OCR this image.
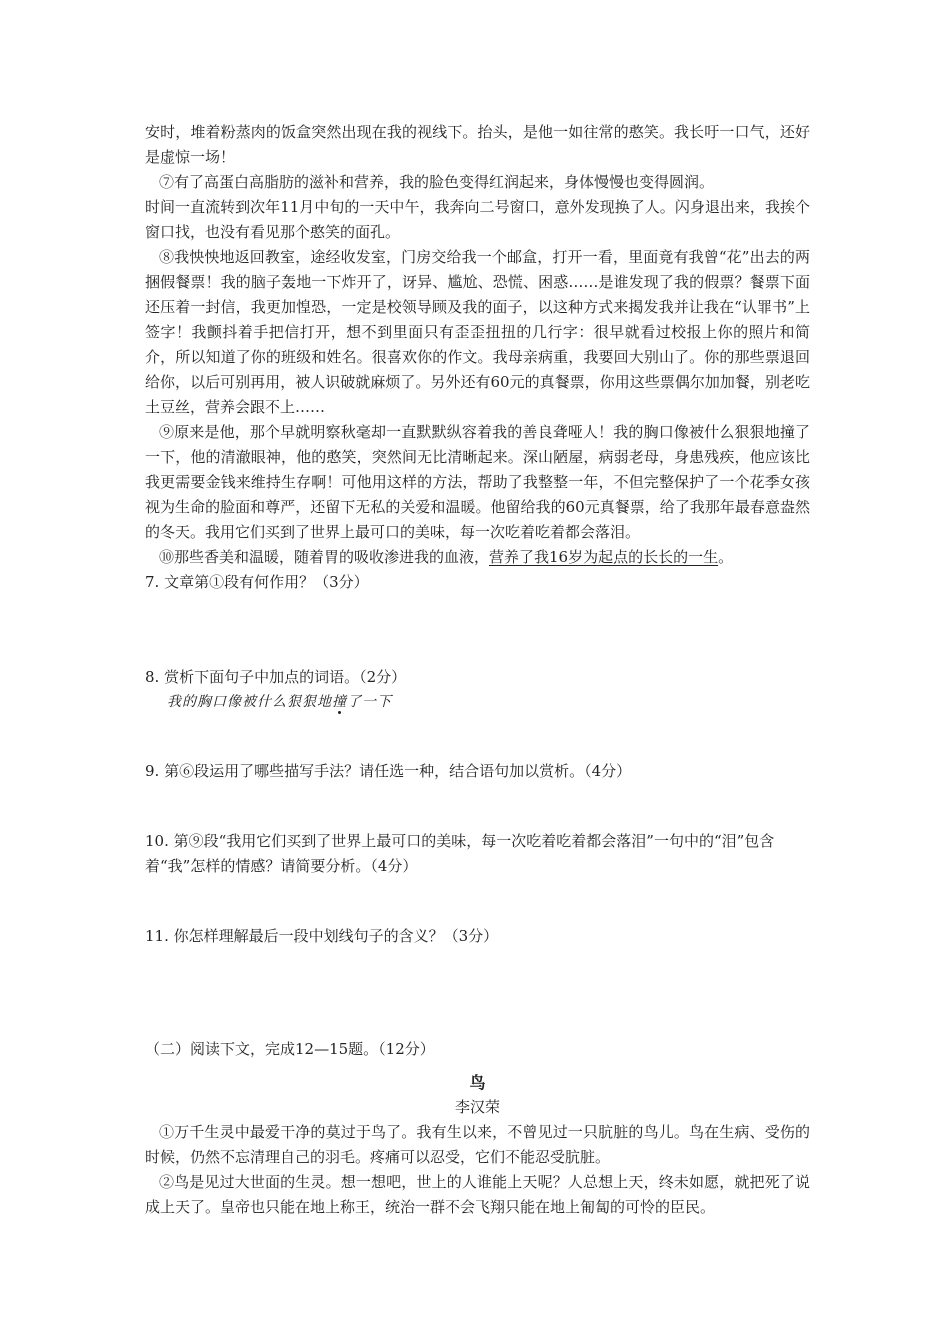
安时，堆着粉蒸肉的饭盒突然出现在我的视线下。抬头，是他一如往常的憨笑。我长吁一口气，还好是虚惊一场！

⑦有了高蛋白高脂肪的滋补和营养，我的脸色变得红润起来，身体慢慢也变得圆润。

时间一直流转到次年11月中旬的一天中午，我奔向二号窗口，意外发现换了人。闪身退出来，我挨个窗口找，也没有看见那个憨笑的面孔。

⑧我怏怏地返回教室，途经收发室，门房交给我一个邮盒，打开一看，里面竟有我曾“花”出去的两捆假餐票！我的脑子轰地一下炸开了，讶异、尴尬、恐慌、困惑……是谁发现了我的假票？餐票下面还压着一封信，我更加惶恐，一定是校领导顾及我的面子，以这种方式来揭发我并让我在“认罪书”上签字！我颤抖着手把信打开，想不到里面只有歪歪扭扭的几行字：很早就看过校报上你的照片和简介，所以知道了你的班级和姓名。很喜欢你的作文。我母亲病重，我要回大别山了。你的那些票退回给你，以后可别再用，被人识破就麻烦了。另外还有60元的真餐票，你用这些票偶尔加加餐，别老吃土豆丝，营养会跟不上……

⑨原来是他，那个早就明察秋毫却一直默默纵容着我的善良聋哑人！我的胸口像被什么狠狠地撞了一下，他的清澈眼神，他的憨笑，突然间无比清晰起来。深山陋屋，病弱老母，身患残疾，他应该比我更需要金钱来维持生存啊！可他用这样的方法，帮助了我整整一年，不但完整保护了一个花季女孩视为生命的脸面和尊严，还留下无私的关爱和温暖。他留给我的60元真餐票，给了我那年最春意盎然的冬天。我用它们买到了世界上最可口的美味，每一次吃着吃着都会落泪。

⑩那些香美和温暖，随着胃的吸收渗进我的血液，营养了我16岁为起点的长长的一生。

7. 文章第①段有何作用？（3分）

8. 赏析下面句子中加点的词语。（2分）

我的胸口像被什么狠狠地撞了一下

9. 第⑥段运用了哪些描写手法？请任选一种，结合语句加以赏析。（4分）

10. 第⑨段“我用它们买到了世界上最可口的美味，每一次吃着吃着都会落泪”一句中的“泪”包含着“我”怎样的情感？请简要分析。（4分）

11. 你怎样理解最后一段中划线句子的含义？（3分）

（二）阅读下文，完成12—15题。（12分）

鸟

李汉荣

①万千生灵中最爱干净的莫过于鸟了。我有生以来，不曾见过一只肮脏的鸟儿。鸟在生病、受伤的时候，仍然不忘清理自己的羽毛。疼痛可以忍受，它们不能忍受肮脏。

②鸟是见过大世面的生灵。想一想吧，世上的人谁能上天呢？人总想上天，终未如愿，就把死了说成上天了。皇帝也只能在地上称王，统治一群不会飞翔只能在地上匍匐的可怜的臣民。
